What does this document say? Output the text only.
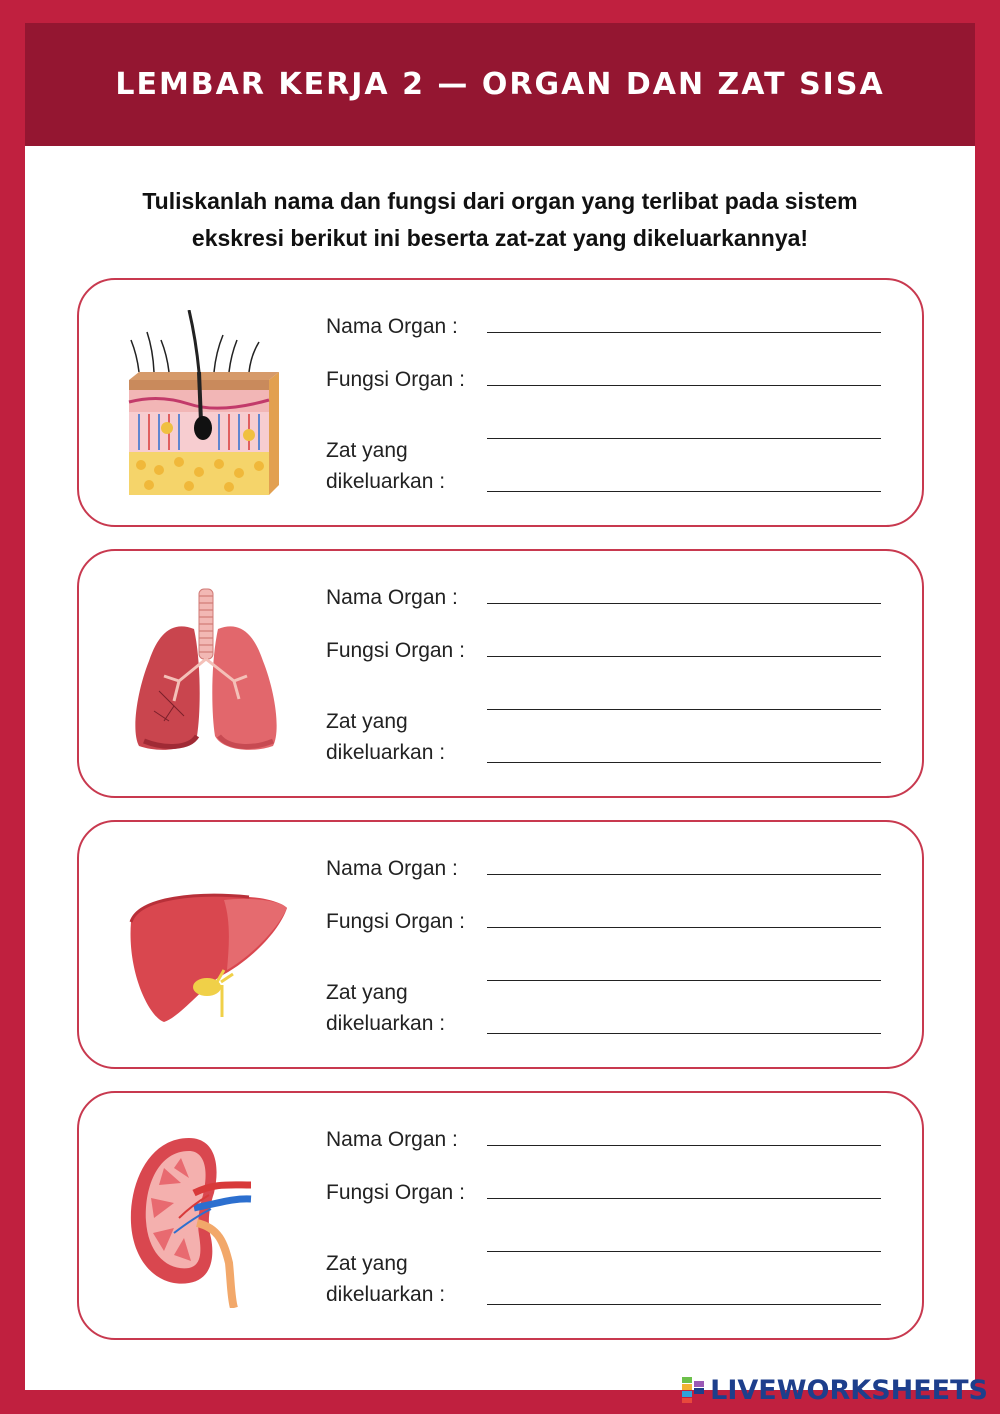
LEMBAR KERJA 2 — ORGAN DAN ZAT SISA
Tuliskanlah nama dan fungsi dari organ yang terlibat pada sistem
ekskresi berikut ini beserta zat-zat yang dikeluarkannya!
Nama Organ :
Fungsi Organ :
Zat yang
dikeluarkan :
Nama Organ :
Fungsi Organ :
Zat yang
dikeluarkan :
Nama Organ :
Fungsi Organ :
Zat yang
dikeluarkan :
Nama Organ :
Fungsi Organ :
Zat yang
dikeluarkan :
LIVEWORKSHEETS
